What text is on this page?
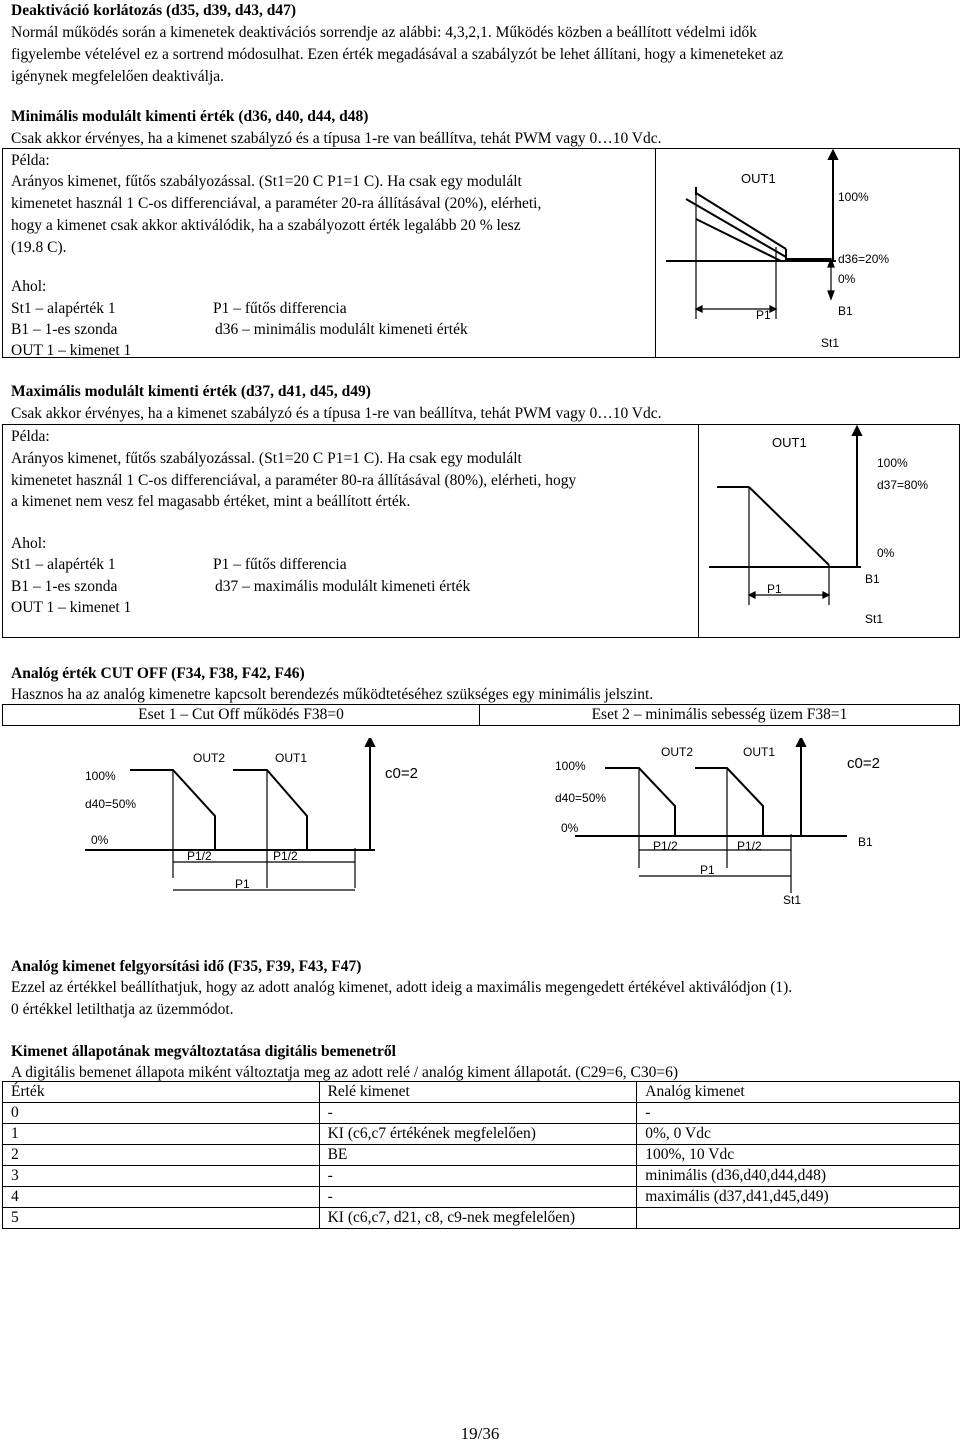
Deaktiváció korlátozás (d35, d39, d43, d47)
Normál működés során a kimenetek deaktivációs sorrendje az alábbi: 4,3,2,1. Működés közben a beállított védelmi idők
figyelembe vételével ez a sortrend módosulhat. Ezen érték megadásával a szabályzót be lehet állítani, hogy a kimeneteket az
igénynek megfelelően deaktiválja.
Minimális modulált kimenti érték (d36, d40, d44, d48)
Csak akkor érvényes, ha a kimenet szabályzó és a típusa 1-re van beállítva, tehát PWM vagy 0…10 Vdc.
Példa:
Arányos kimenet, fűtős szabályozással. (St1=20 C P1=1 C). Ha csak egy modulált
kimenetet használ 1 C-os differenciával, a paraméter 20-ra állításával (20%), elérheti,
hogy a kimenet csak akkor aktiválódik, ha a szabályozott érték legalább 20 % lesz
(19.8 C).
Ahol:
St1 – alapérték 1	P1 – fűtős differencia
B1 – 1-es szonda	d36 – minimális modulált kimeneti érték
OUT 1 – kimenet 1
OUT1
100%
d36=20%
0%
P1	B1
St1
Maximális modulált kimenti érték (d37, d41, d45, d49)
Csak akkor érvényes, ha a kimenet szabályzó és a típusa 1-re van beállítva, tehát PWM vagy 0…10 Vdc.
Példa:
Arányos kimenet, fűtős szabályozással. (St1=20 C P1=1 C). Ha csak egy modulált
kimenetet használ 1 C-os differenciával, a paraméter 80-ra állításával (80%), elérheti, hogy
a kimenet nem vesz fel magasabb értéket, mint a beállított érték.
Ahol:
St1 – alapérték 1	P1 – fűtős differencia
B1 – 1-es szonda	d37 – maximális modulált kimeneti érték
OUT 1 – kimenet 1
OUT1
100%
d37=80%
0%
P1
B1
St1
Analóg érték CUT OFF (F34, F38, F42, F46)
Hasznos ha az analóg kimenetre kapcsolt berendezés működtetéséhez szükséges egy minimális jelszint.
Eset 1 – Cut Off működés F38=0	Eset 2 – minimális sebesség üzem F38=1
OUT2	OUT1
c0=2
100%
d40=50%
0%
P1/2	P1/2
P1
OUT2	OUT1
c0=2
100%
d40=50%
0%
P1/2	P1/2
P1
B1
St1
Analóg kimenet felgyorsítási idő (F35, F39, F43, F47)
Ezzel az értékkel beállíthatjuk, hogy az adott analóg kimenet, adott ideig a maximális megengedett értékével aktiválódjon (1).
0 értékkel letilthatja az üzemmódot.
Kimenet állapotának megváltoztatása digitális bemenetről
A digitális bemenet állapota miként változtatja meg az adott relé / analóg kiment állapotát. (C29=6, C30=6)
Érték	Relé kimenet	Analóg kimenet
0	-	-
1	KI (c6,c7 értékének megfelelően)	0%, 0 Vdc
2	BE	100%, 10 Vdc
3	-	minimális (d36,d40,d44,d48)
4	-	maximális (d37,d41,d45,d49)
5	KI (c6,c7, d21, c8, c9-nek megfelelően)	
19/36
